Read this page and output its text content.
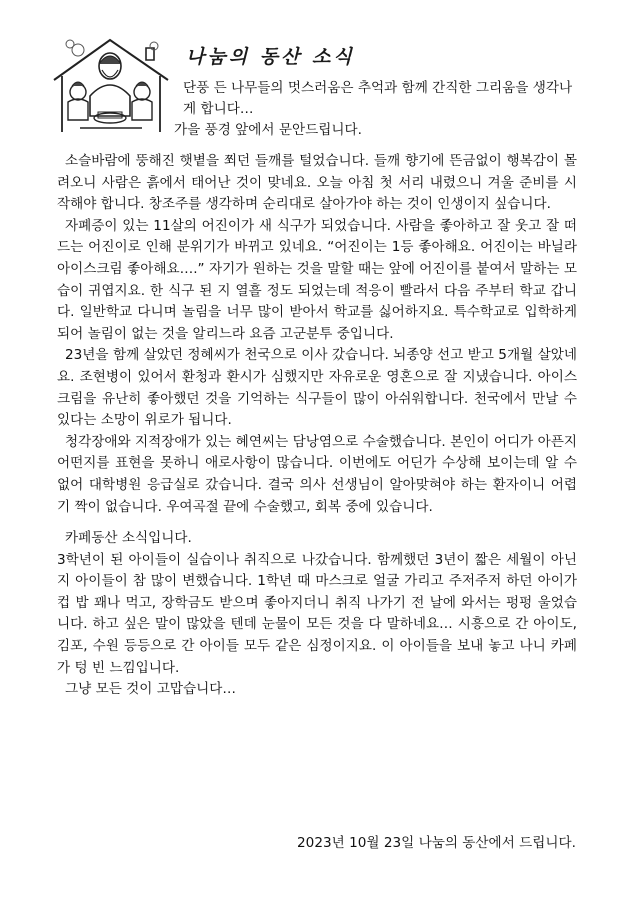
나눔의 동산 소식

단풍 든 나무들의 멋스러움은 추억과 함께 간직한 그리움을 생각나게 합니다…

가을 풍경 앞에서 문안드립니다.

소슬바람에 뚱해진 햇볕을 쬐던 들깨를 털었습니다. 들깨 향기에 뜬금없이 행복감이 몰려오니 사람은 흙에서 태어난 것이 맞네요. 오늘 아침 첫 서리 내렸으니 겨울 준비를 시작해야 합니다. 창조주를 생각하며 순리대로 살아가야 하는 것이 인생이지 싶습니다.

자폐증이 있는 11살의 어진이가 새 식구가 되었습니다. 사람을 좋아하고 잘 웃고 잘 떠드는 어진이로 인해 분위기가 바뀌고 있네요. “어진이는 1등 좋아해요. 어진이는 바닐라 아이스크림 좋아해요….” 자기가 원하는 것을 말할 때는 앞에 어진이를 붙여서 말하는 모습이 귀엽지요. 한 식구 된 지 열흘 정도 되었는데 적응이 빨라서 다음 주부터 학교 갑니다. 일반학교 다니며 놀림을 너무 많이 받아서 학교를 싫어하지요. 특수학교로 입학하게 되어 놀림이 없는 것을 알리느라 요즘 고군분투 중입니다.

23년을 함께 살았던 정혜씨가 천국으로 이사 갔습니다. 뇌종양 선고 받고 5개월 살았네요. 조현병이 있어서 환청과 환시가 심했지만 자유로운 영혼으로 잘 지냈습니다. 아이스크림을 유난히 좋아했던 것을 기억하는 식구들이 많이 아쉬워합니다. 천국에서 만날 수 있다는 소망이 위로가 됩니다.

청각장애와 지적장애가 있는 혜연씨는 담낭염으로 수술했습니다. 본인이 어디가 아픈지 어떤지를 표현을 못하니 애로사항이 많습니다. 이번에도 어딘가 수상해 보이는데 알 수 없어 대학병원 응급실로 갔습니다. 결국 의사 선생님이 알아맞혀야 하는 환자이니 어렵기 짝이 없습니다. 우여곡절 끝에 수술했고, 회복 중에 있습니다.

카페동산 소식입니다.

3학년이 된 아이들이 실습이나 취직으로 나갔습니다. 함께했던 3년이 짧은 세월이 아닌지 아이들이 참 많이 변했습니다. 1학년 때 마스크로 얼굴 가리고 주저주저 하던 아이가 컵 밥 꽤나 먹고, 장학금도 받으며 좋아지더니 취직 나가기 전 날에 와서는 펑펑 울었습니다. 하고 싶은 말이 많았을 텐데 눈물이 모든 것을 다 말하네요… 시흥으로 간 아이도, 김포, 수원 등등으로 간 아이들 모두 같은 심정이지요. 이 아이들을 보내 놓고 나니 카페가 텅 빈 느낌입니다.

그냥 모든 것이 고맙습니다…

2023년 10월 23일 나눔의 동산에서 드립니다.
